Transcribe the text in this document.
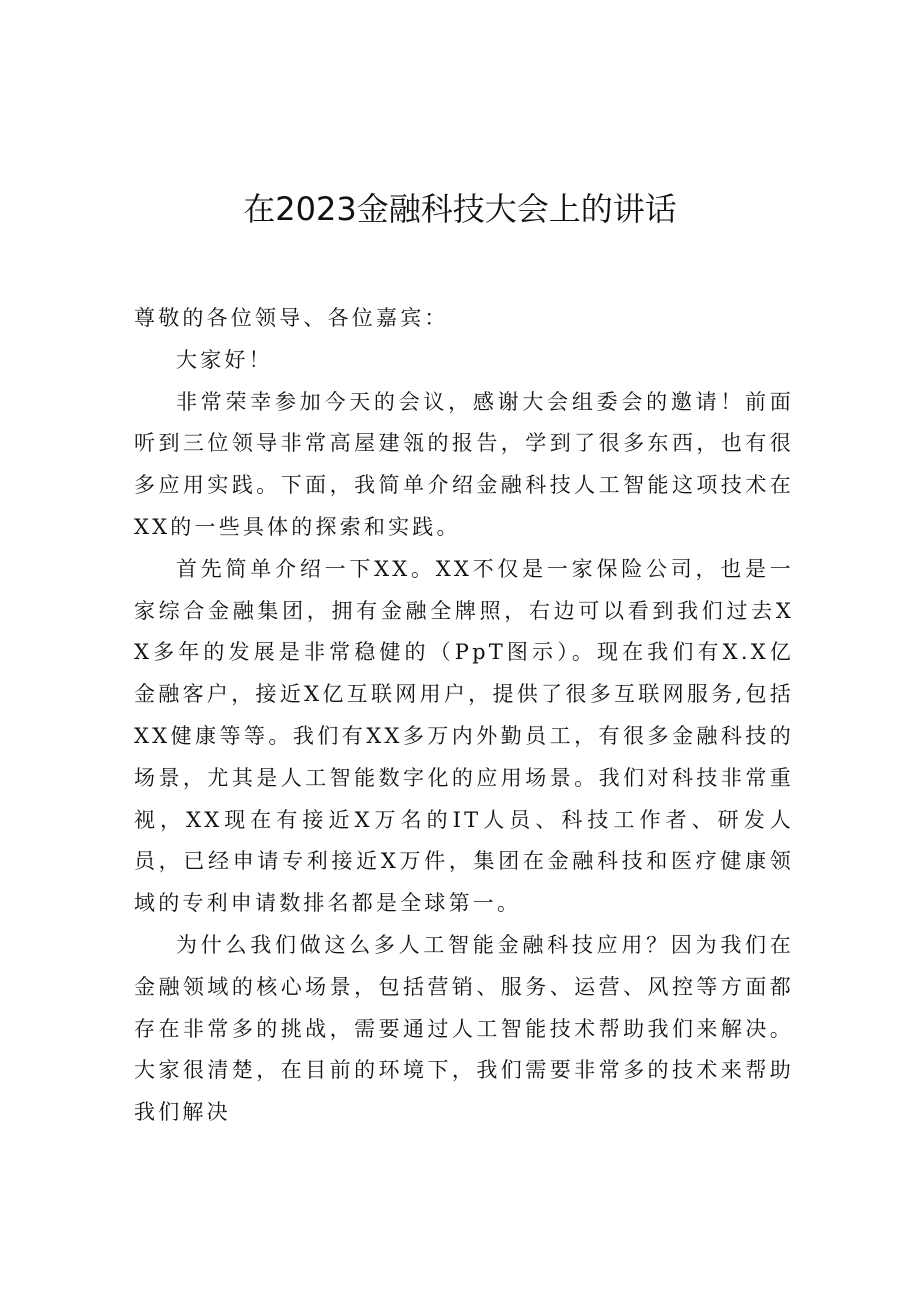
在2023金融科技大会上的讲话

尊敬的各位领导、各位嘉宾：

大家好！

非常荣幸参加今天的会议，感谢大会组委会的邀请！前面听到三位领导非常高屋建瓴的报告，学到了很多东西，也有很多应用实践。下面，我简单介绍金融科技人工智能这项技术在XX的一些具体的探索和实践。

首先简单介绍一下XX。XX不仅是一家保险公司，也是一家综合金融集团，拥有金融全牌照，右边可以看到我们过去XX多年的发展是非常稳健的（PpT图示）。现在我们有X.X亿金融客户，接近X亿互联网用户，提供了很多互联网服务,包括XX健康等等。我们有XX多万内外勤员工，有很多金融科技的场景，尤其是人工智能数字化的应用场景。我们对科技非常重视，XX现在有接近X万名的IT人员、科技工作者、研发人员，已经申请专利接近X万件，集团在金融科技和医疗健康领域的专利申请数排名都是全球第一。

为什么我们做这么多人工智能金融科技应用？因为我们在金融领域的核心场景，包括营销、服务、运营、风控等方面都存在非常多的挑战，需要通过人工智能技术帮助我们来解决。大家很清楚，在目前的环境下，我们需要非常多的技术来帮助我们解决
